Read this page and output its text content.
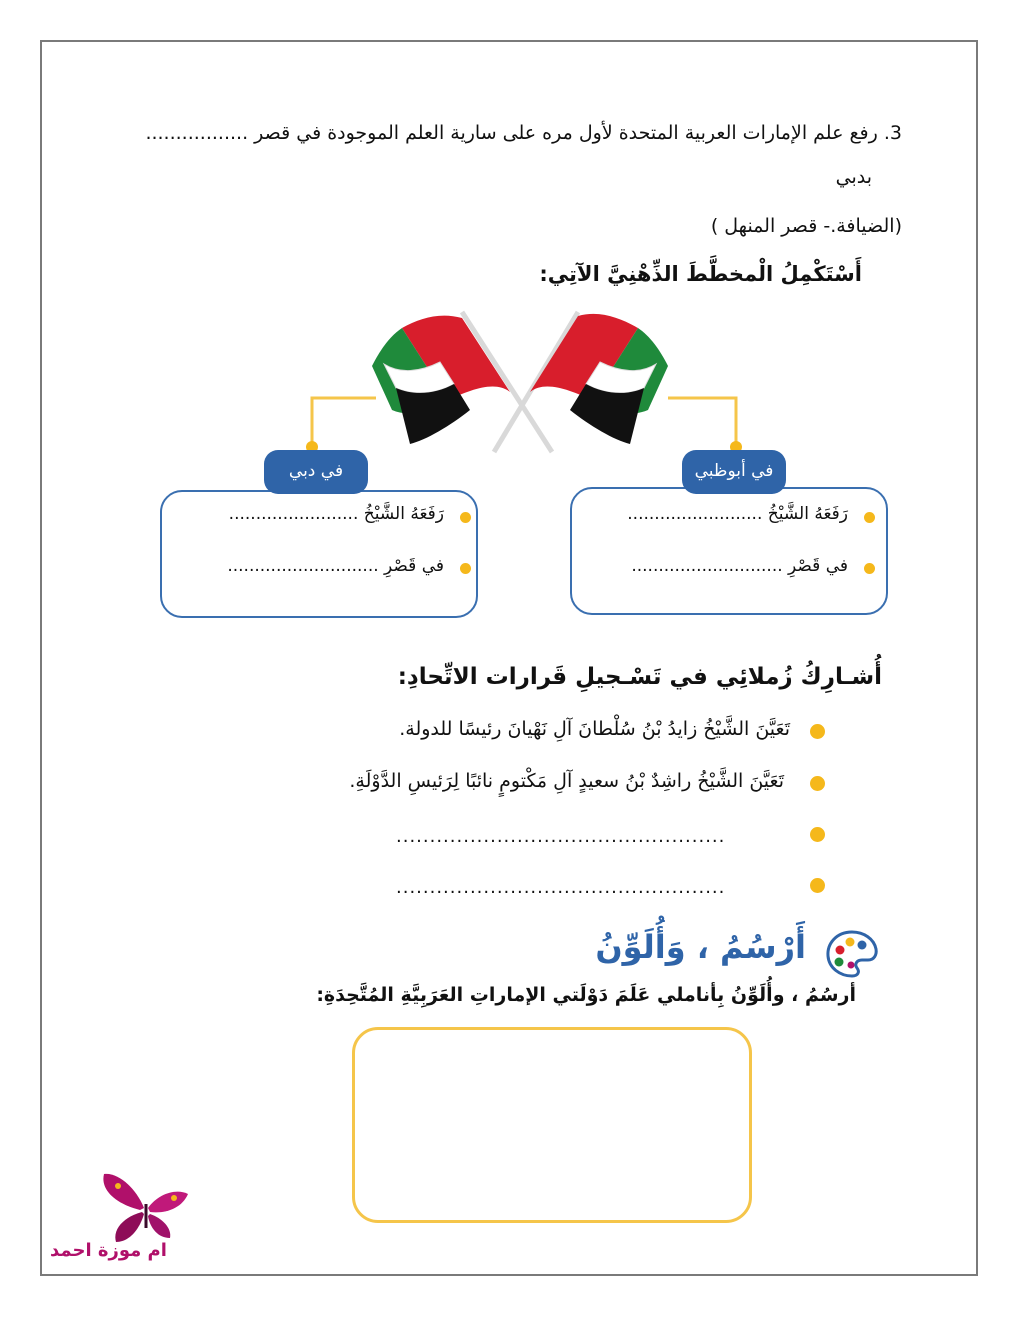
3. رفع علم الإمارات العربية المتحدة لأول مره على سارية العلم الموجودة في قصر .................
بدبي
(الضيافة.- قصر المنهل )
أَسْتَكْمِلُ الْمخطَّطَ الذِّهْنِيَّ الآتِي:
في دبي	في أبوظبي
رَفَعَهُ الشَّيْخُ ........................
في قَصْرِ ............................
رَفَعَهُ الشَّيْخُ .........................
في قَصْرِ ............................
أُشـارِكُ زُملائِي في تَسْـجيلِ قَرارات الاتِّحادِ:
تَعَيَّنَ الشَّيْخُ زايدُ بْنُ سُلْطانَ آلِ نَهْيانَ رئيسًا للدولة.
تَعَيَّنَ الشَّيْخُ راشِدٌ بْنُ سعيدٍ آلِ مَكْتومٍ نائبًا لِرَئيسِ الدَّوْلَةِ.
.................................................
.................................................
أَرْسُمُ ، وَأُلَوِّنُ
أرسُمُ ، وأُلَوِّنُ بِأناملي عَلَمَ دَوْلَتي الإماراتِ العَرَبِيَّةِ المُتَّحِدَةِ:
ام موزة احمد
